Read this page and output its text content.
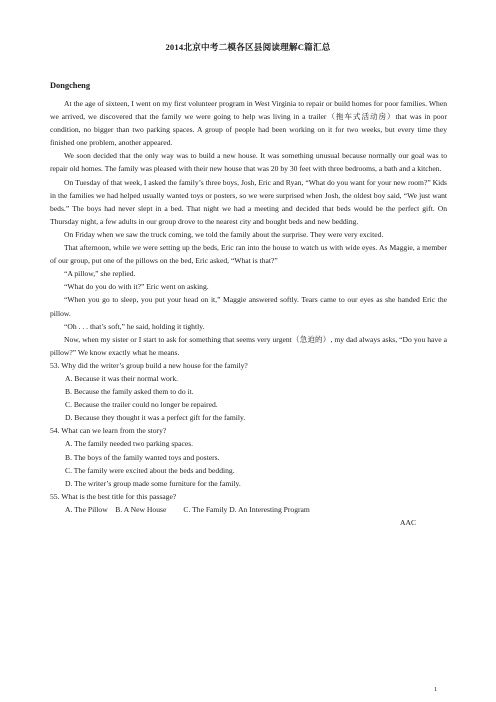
2014北京中考二模各区县阅读理解C篇汇总
Dongcheng

At the age of sixteen, I went on my first volunteer program in West Virginia to repair or build homes for poor families. When we arrived, we discovered that the family we were going to help was living in a trailer（拖车式活动房）that was in poor condition, no bigger than two parking spaces. A group of people had been working on it for two weeks, but every time they finished one problem, another appeared.

We soon decided that the only way was to build a new house. It was something unusual because normally our goal was to repair old homes. The family was pleased with their new house that was 20 by 30 feet with three bedrooms, a bath and a kitchen.

On Tuesday of that week, I asked the family’s three boys, Josh, Eric and Ryan, “What do you want for your new room?” Kids in the families we had helped usually wanted toys or posters, so we were surprised when Josh, the oldest boy said, “We just want beds.” The boys had never slept in a bed. That night we had a meeting and decided that beds would be the perfect gift. On Thursday night, a few adults in our group drove to the nearest city and bought beds and new bedding.

On Friday when we saw the truck coming, we told the family about the surprise. They were very excited.

That afternoon, while we were setting up the beds, Eric ran into the house to watch us with wide eyes. As Maggie, a member of our group, put one of the pillows on the bed, Eric asked, “What is that?”

“A pillow,” she replied.

“What do you do with it?” Eric went on asking.

“When you go to sleep, you put your head on it,” Maggie answered softly. Tears came to our eyes as she handed Eric the pillow.

“Oh . . . that’s soft,” he said, holding it tightly.

Now, when my sister or I start to ask for something that seems very urgent（急迫的）, my dad always asks, “Do you have a pillow?” We know exactly what he means.

53. Why did the writer’s group build a new house for the family?

A. Because it was their normal work.

B. Because the family asked them to do it.

C. Because the trailer could no longer be repaired.

D. Because they thought it was a perfect gift for the family.

54. What can we learn from the story?

A. The family needed two parking spaces.

B. The boys of the family wanted toys and posters.

C. The family were excited about the beds and bedding.

D. The writer’s group made some furniture for the family.

55. What is the best title for this passage?

A. The Pillow    B. A New House         C. The Family D. An Interesting Program

AAC

1
